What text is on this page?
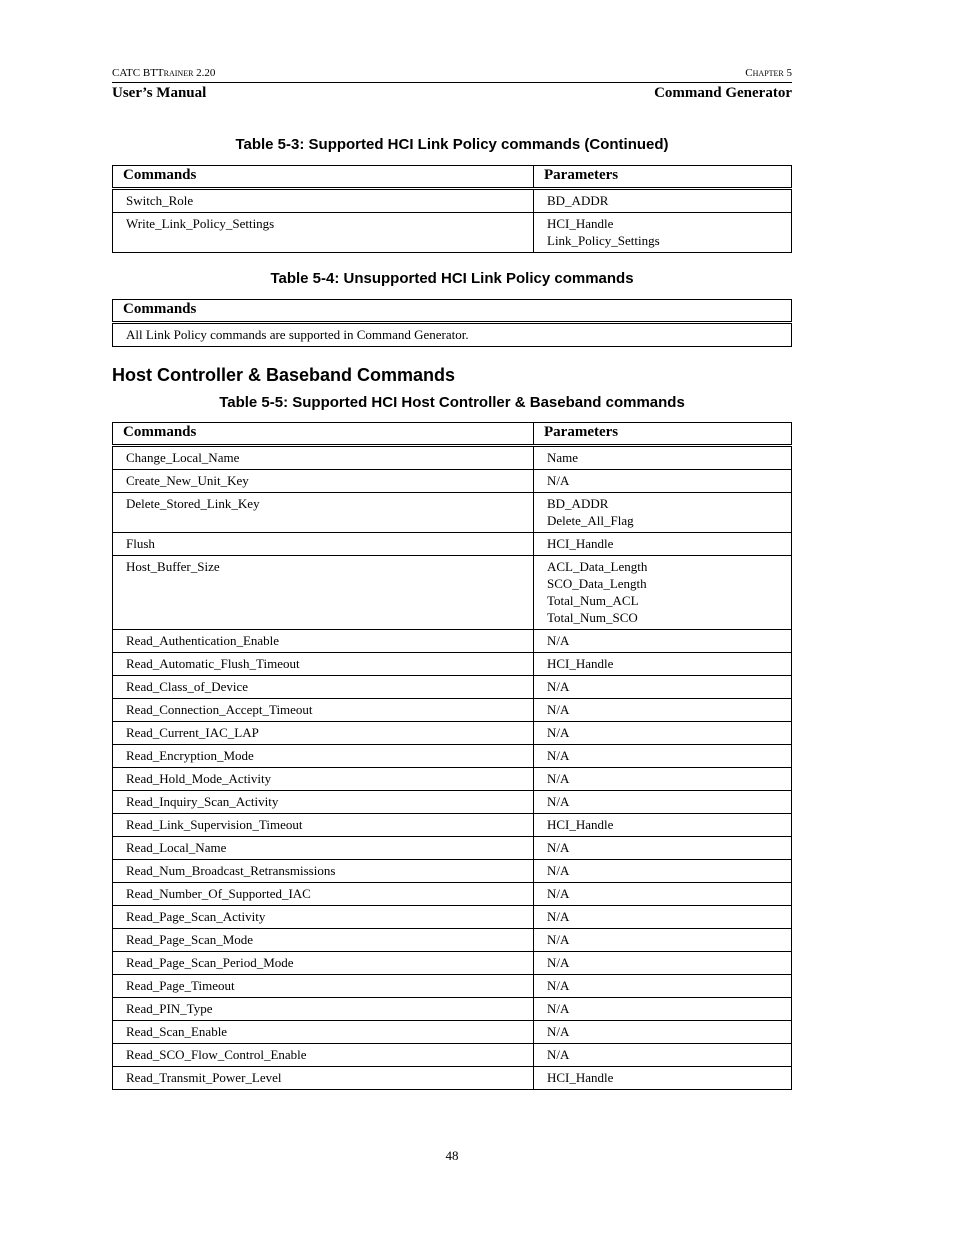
CATC BTTrainer 2.20	Chapter 5
User’s Manual	Command Generator
Table 5-3: Supported HCI Link Policy commands (Continued)
Commands	Parameters
Switch_Role	BD_ADDR

Write_Link_Policy_Settings	HCI_Handle
Link_Policy_Settings
Table 5-4: Unsupported HCI Link Policy commands
Commands
All Link Policy commands are supported in Command Generator.
Host Controller & Baseband Commands
Table 5-5: Supported HCI Host Controller & Baseband commands
Commands	Parameters
Change_Local_Name	Name

Create_New_Unit_Key	N/A

Delete_Stored_Link_Key	BD_ADDR
Delete_All_Flag

Flush	HCI_Handle

Host_Buffer_Size	ACL_Data_Length
SCO_Data_Length
Total_Num_ACL
Total_Num_SCO

Read_Authentication_Enable	N/A

Read_Automatic_Flush_Timeout	HCI_Handle

Read_Class_of_Device	N/A

Read_Connection_Accept_Timeout	N/A

Read_Current_IAC_LAP	N/A

Read_Encryption_Mode	N/A

Read_Hold_Mode_Activity	N/A

Read_Inquiry_Scan_Activity	N/A

Read_Link_Supervision_Timeout	HCI_Handle

Read_Local_Name	N/A

Read_Num_Broadcast_Retransmissions	N/A

Read_Number_Of_Supported_IAC	N/A

Read_Page_Scan_Activity	N/A

Read_Page_Scan_Mode	N/A

Read_Page_Scan_Period_Mode	N/A

Read_Page_Timeout	N/A

Read_PIN_Type	N/A

Read_Scan_Enable	N/A

Read_SCO_Flow_Control_Enable	N/A

Read_Transmit_Power_Level	HCI_Handle
48
